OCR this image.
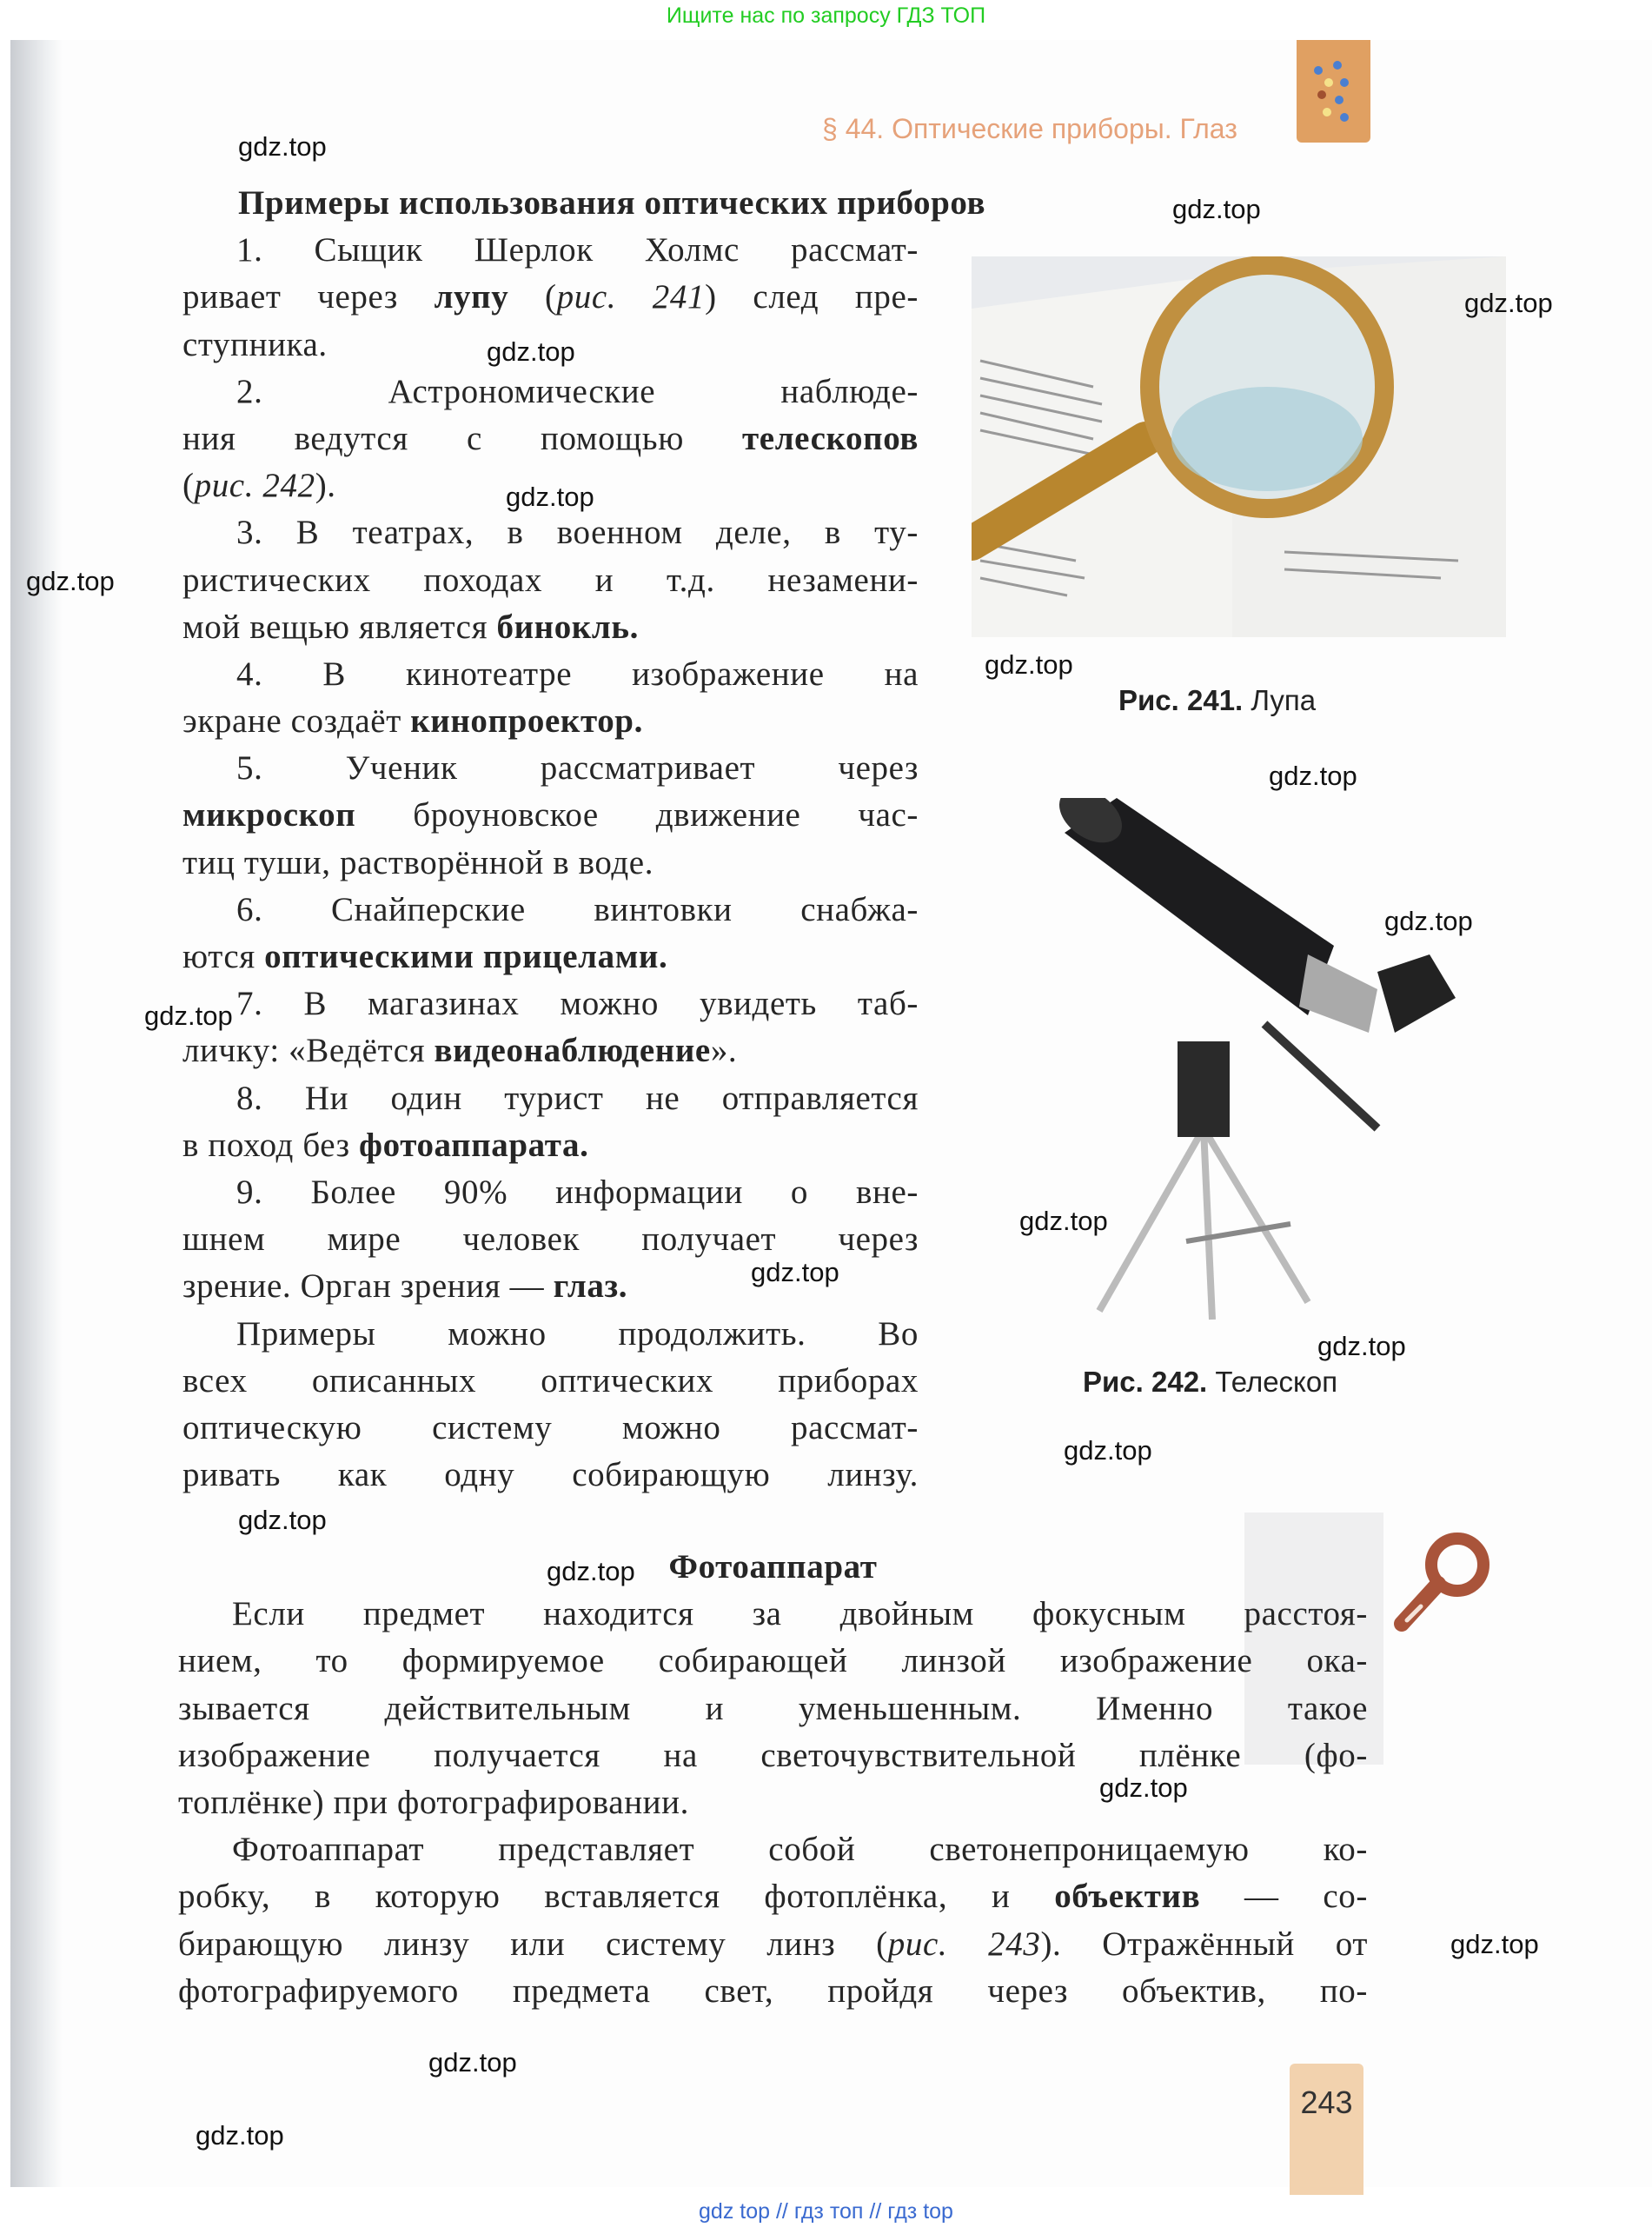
Ищите нас по запросу ГДЗ ТОП
§ 44. Оптические приборы. Глаз
Примеры использования оптических приборов
1. Сыщик Шерлок Холмс рассмат-
ривает через лупу (рис. 241) след пре-
ступника.
2. Астрономические наблюде-
ния ведутся с помощью телескопов
(рис. 242).
3. В театрах, в военном деле, в ту-
ристических походах и т.д. незамени-
мой вещью является бинокль.
4. В кинотеатре изображение на
экране создаёт кинопроектор.
5. Ученик рассматривает через
микроскоп броуновское движение час-
тиц туши, растворённой в воде.
6. Снайперские винтовки снабжа-
ются оптическими прицелами.
7. В магазинах можно увидеть таб-
личку: «Ведётся видеонаблюдение».
8. Ни один турист не отправляется
в поход без фотоаппарата.
9. Более 90% информации о вне-
шнем мире человек получает через
зрение. Орган зрения — глаз.
Примеры можно продолжить. Во
всех описанных оптических приборах
оптическую систему можно рассмат-
ривать как одну собирающую линзу.
Фотоаппарат
Если предмет находится за двойным фокусным расстоя-
нием, то формируемое собирающей линзой изображение ока-
зывается действительным и уменьшенным. Именно такое
изображение получается на светочувствительной плёнке (фо-
топлёнке) при фотографировании.
Фотоаппарат представляет собой светонепроницаемую ко-
робку, в которую вставляется фотоплёнка, и объектив — со-
бирающую линзу или систему линз (рис. 243). Отражённый от
фотографируемого предмета свет, пройдя через объектив, по-
Рис. 241. Лупа
Рис. 242. Телескоп
243
gdz.top
gdz.top
gdz.top
gdz.top
gdz.top
gdz.top
gdz.top
gdz.top
gdz.top
gdz.top
gdz.top
gdz.top
gdz.top
gdz.top
gdz.top
gdz.top
gdz.top
gdz.top
gdz.top
gdz.top
gdz top // гдз топ // гдз top
